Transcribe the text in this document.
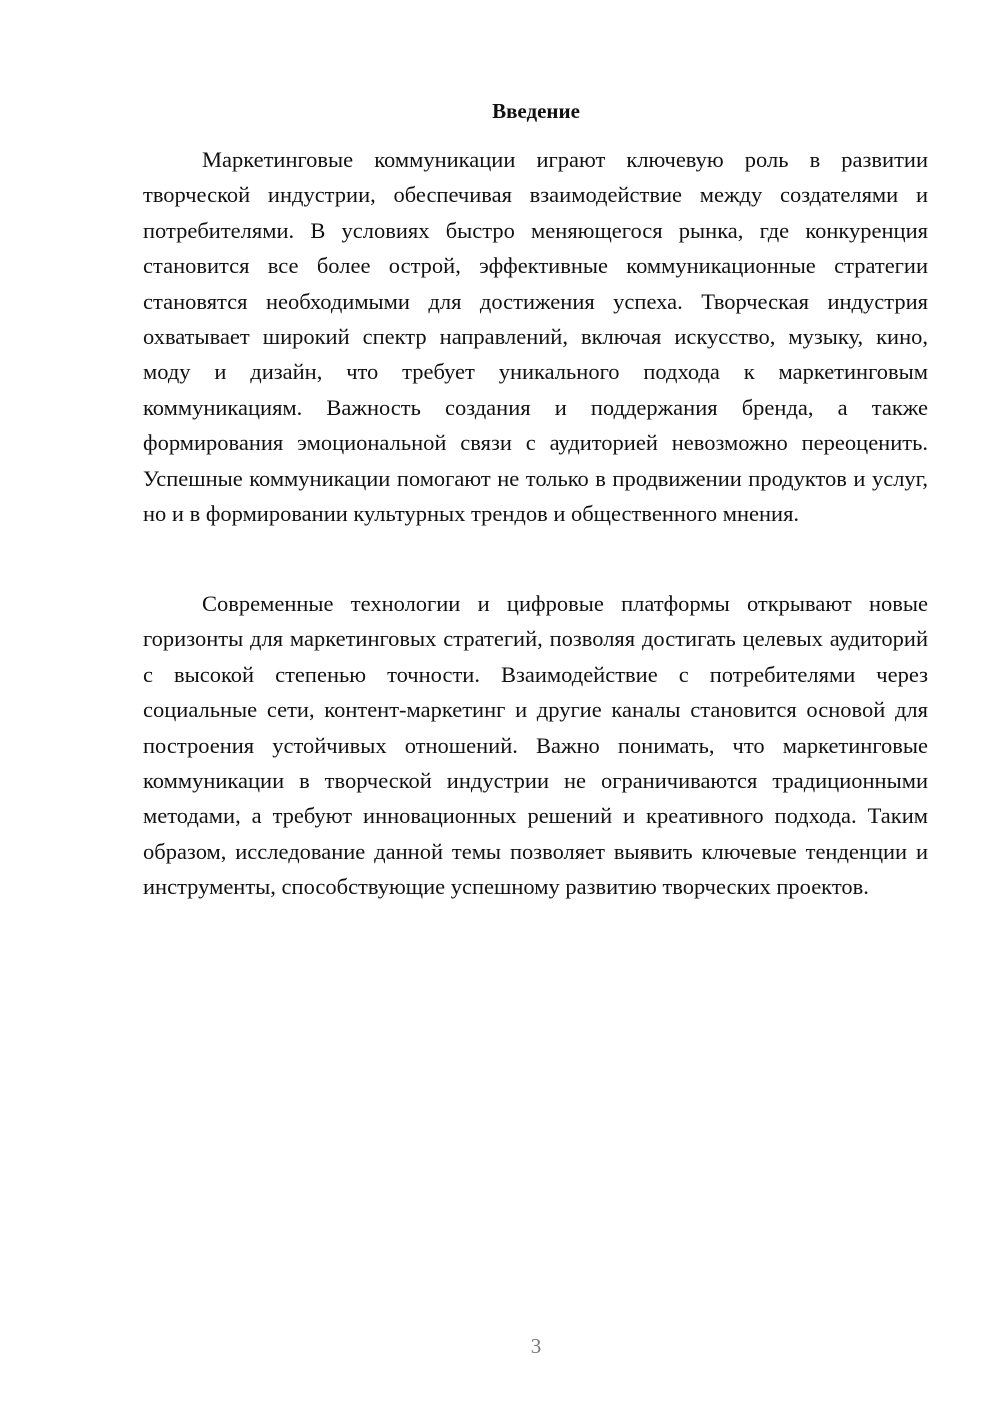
Введение

Маркетинговые коммуникации играют ключевую роль в развитии творческой индустрии, обеспечивая взаимодействие между создателями и потребителями. В условиях быстро меняющегося рынка, где конкуренция становится все более острой, эффективные коммуникационные стратегии становятся необходимыми для достижения успеха. Творческая индустрия охватывает широкий спектр направлений, включая искусство, музыку, кино, моду и дизайн, что требует уникального подхода к маркетинговым коммуникациям. Важность создания и поддержания бренда, а также формирования эмоциональной связи с аудиторией невозможно переоценить. Успешные коммуникации помогают не только в продвижении продуктов и услуг, но и в формировании культурных трендов и общественного мнения.

Современные технологии и цифровые платформы открывают новые горизонты для маркетинговых стратегий, позволяя достигать целевых аудиторий с высокой степенью точности. Взаимодействие с потребителями через социальные сети, контент-маркетинг и другие каналы становится основой для построения устойчивых отношений. Важно понимать, что маркетинговые коммуникации в творческой индустрии не ограничиваются традиционными методами, а требуют инновационных решений и креативного подхода. Таким образом, исследование данной темы позволяет выявить ключевые тенденции и инструменты, способствующие успешному развитию творческих проектов.

3
